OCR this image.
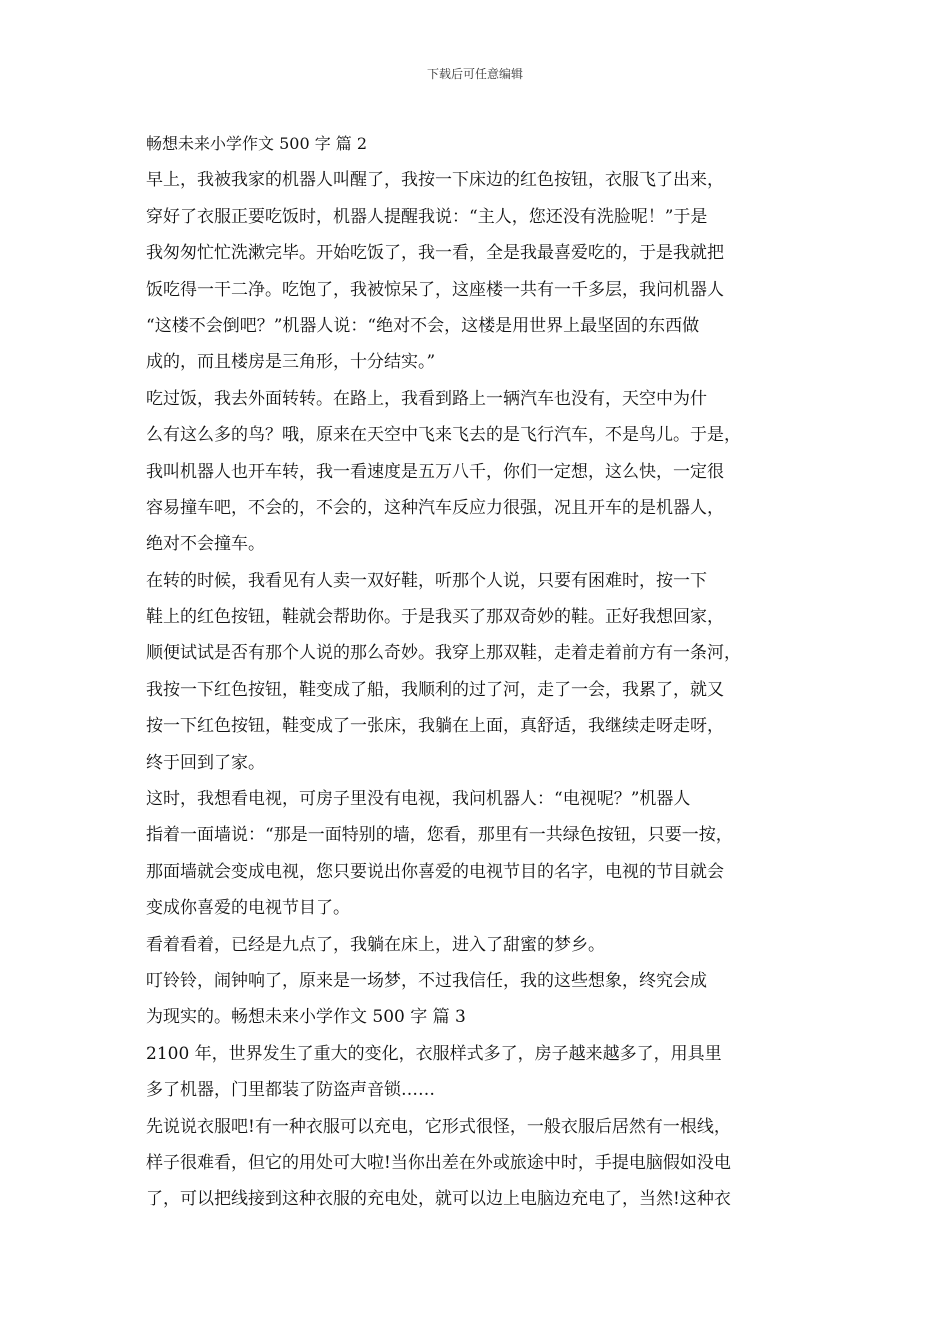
下载后可任意编辑
畅想未来小学作文 500 字 篇 2
早上，我被我家的机器人叫醒了，我按一下床边的红色按钮，衣服飞了出来，
穿好了衣服正要吃饭时，机器人提醒我说：“主人，您还没有洗脸呢！”于是
我匆匆忙忙洗漱完毕。开始吃饭了，我一看，全是我最喜爱吃的，于是我就把
饭吃得一干二净。吃饱了，我被惊呆了，这座楼一共有一千多层，我问机器人
“这楼不会倒吧？”机器人说：“绝对不会，这楼是用世界上最坚固的东西做
成的，而且楼房是三角形，十分结实。”
吃过饭，我去外面转转。在路上，我看到路上一辆汽车也没有，天空中为什
么有这么多的鸟？哦，原来在天空中飞来飞去的是飞行汽车，不是鸟儿。于是，
我叫机器人也开车转，我一看速度是五万八千，你们一定想，这么快，一定很
容易撞车吧，不会的，不会的，这种汽车反应力很强，况且开车的是机器人，
绝对不会撞车。
在转的时候，我看见有人卖一双好鞋，听那个人说，只要有困难时，按一下
鞋上的红色按钮，鞋就会帮助你。于是我买了那双奇妙的鞋。正好我想回家，
顺便试试是否有那个人说的那么奇妙。我穿上那双鞋，走着走着前方有一条河，
我按一下红色按钮，鞋变成了船，我顺利的过了河，走了一会，我累了，就又
按一下红色按钮，鞋变成了一张床，我躺在上面，真舒适，我继续走呀走呀，
终于回到了家。
这时，我想看电视，可房子里没有电视，我问机器人：“电视呢？”机器人
指着一面墙说：“那是一面特别的墙，您看，那里有一共绿色按钮，只要一按，
那面墙就会变成电视，您只要说出你喜爱的电视节目的名字，电视的节目就会
变成你喜爱的电视节目了。
看着看着，已经是九点了，我躺在床上，进入了甜蜜的梦乡。
叮铃铃，闹钟响了，原来是一场梦，不过我信任，我的这些想象，终究会成
为现实的。畅想未来小学作文 500 字 篇 3
2100 年，世界发生了重大的变化，衣服样式多了，房子越来越多了，用具里
多了机器，门里都装了防盗声音锁……
先说说衣服吧!有一种衣服可以充电，它形式很怪，一般衣服后居然有一根线，
样子很难看，但它的用处可大啦!当你出差在外或旅途中时，手提电脑假如没电
了，可以把线接到这种衣服的充电处，就可以边上电脑边充电了，当然!这种衣
